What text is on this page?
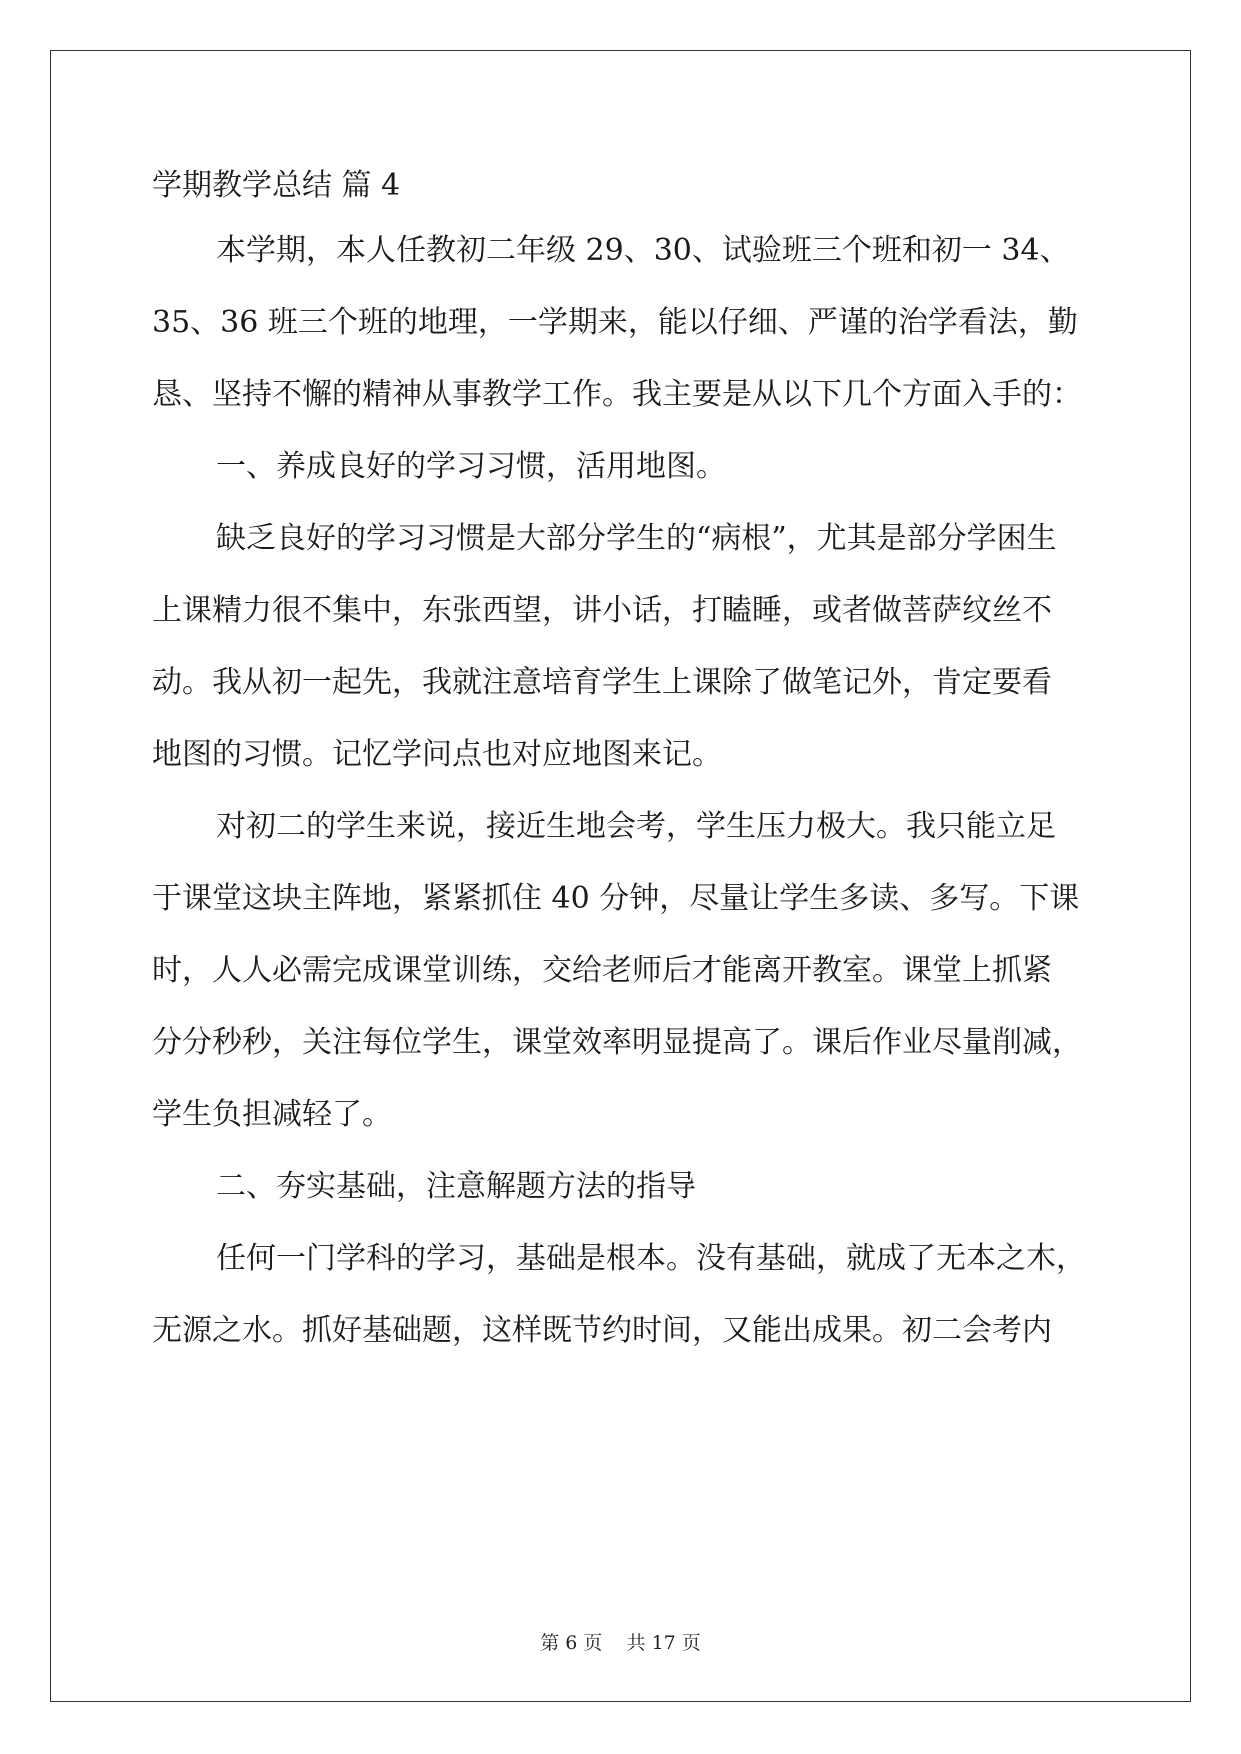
学期教学总结 篇 4
本学期，本人任教初二年级 29、30、试验班三个班和初一 34、
35、36 班三个班的地理，一学期来，能以仔细、严谨的治学看法，勤
恳、坚持不懈的精神从事教学工作。我主要是从以下几个方面入手的：
一、养成良好的学习习惯，活用地图。
缺乏良好的学习习惯是大部分学生的“病根”，尤其是部分学困生
上课精力很不集中，东张西望，讲小话，打瞌睡，或者做菩萨纹丝不
动。我从初一起先，我就注意培育学生上课除了做笔记外，肯定要看
地图的习惯。记忆学问点也对应地图来记。
对初二的学生来说，接近生地会考，学生压力极大。我只能立足
于课堂这块主阵地，紧紧抓住 40 分钟，尽量让学生多读、多写。下课
时，人人必需完成课堂训练，交给老师后才能离开教室。课堂上抓紧
分分秒秒，关注每位学生，课堂效率明显提高了。课后作业尽量削减，
学生负担减轻了。
二、夯实基础，注意解题方法的指导
任何一门学科的学习，基础是根本。没有基础，就成了无本之木，
无源之水。抓好基础题，这样既节约时间，又能出成果。初二会考内
第 6 页 共 17 页
